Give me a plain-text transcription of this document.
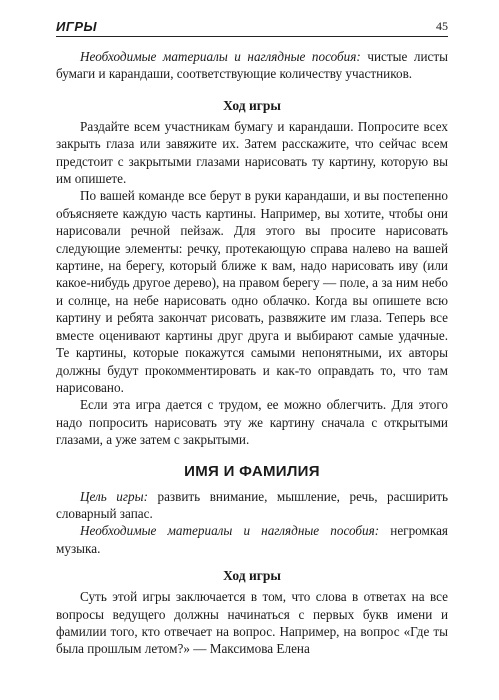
ИГРЫ	45

Необходимые материалы и наглядные пособия: чистые листы бумаги и карандаши, соответствующие количеству участников.

Ход игры

Раздайте всем участникам бумагу и карандаши. Попросите всех закрыть глаза или завяжите их. Затем расскажите, что сейчас всем предстоит с закрытыми глазами нарисовать ту картину, которую вы им опишете.

По вашей команде все берут в руки карандаши, и вы постепенно объясняете каждую часть картины. Например, вы хотите, чтобы они нарисовали речной пейзаж. Для этого вы просите нарисовать следующие элементы: речку, протекающую справа налево на вашей картине, на берегу, который ближе к вам, надо нарисовать иву (или какое-нибудь другое дерево), на правом берегу — поле, а за ним небо и солнце, на небе нарисовать одно облачко. Когда вы опишете всю картину и ребята закончат рисовать, развяжите им глаза. Теперь все вместе оценивают картины друг друга и выбирают самые удачные. Те картины, которые покажутся самыми непонятными, их авторы должны будут прокомментировать и как-то оправдать то, что там нарисовано.

Если эта игра дается с трудом, ее можно облегчить. Для этого надо попросить нарисовать эту же картину сначала с открытыми глазами, а уже затем с закрытыми.

ИМЯ И ФАМИЛИЯ

Цель игры: развить внимание, мышление, речь, расширить словарный запас.

Необходимые материалы и наглядные пособия: негромкая музыка.

Ход игры

Суть этой игры заключается в том, что слова в ответах на все вопросы ведущего должны начинаться с первых букв имени и фамилии того, кто отвечает на вопрос. Например, на вопрос «Где ты была прошлым летом?» — Максимова Елена
